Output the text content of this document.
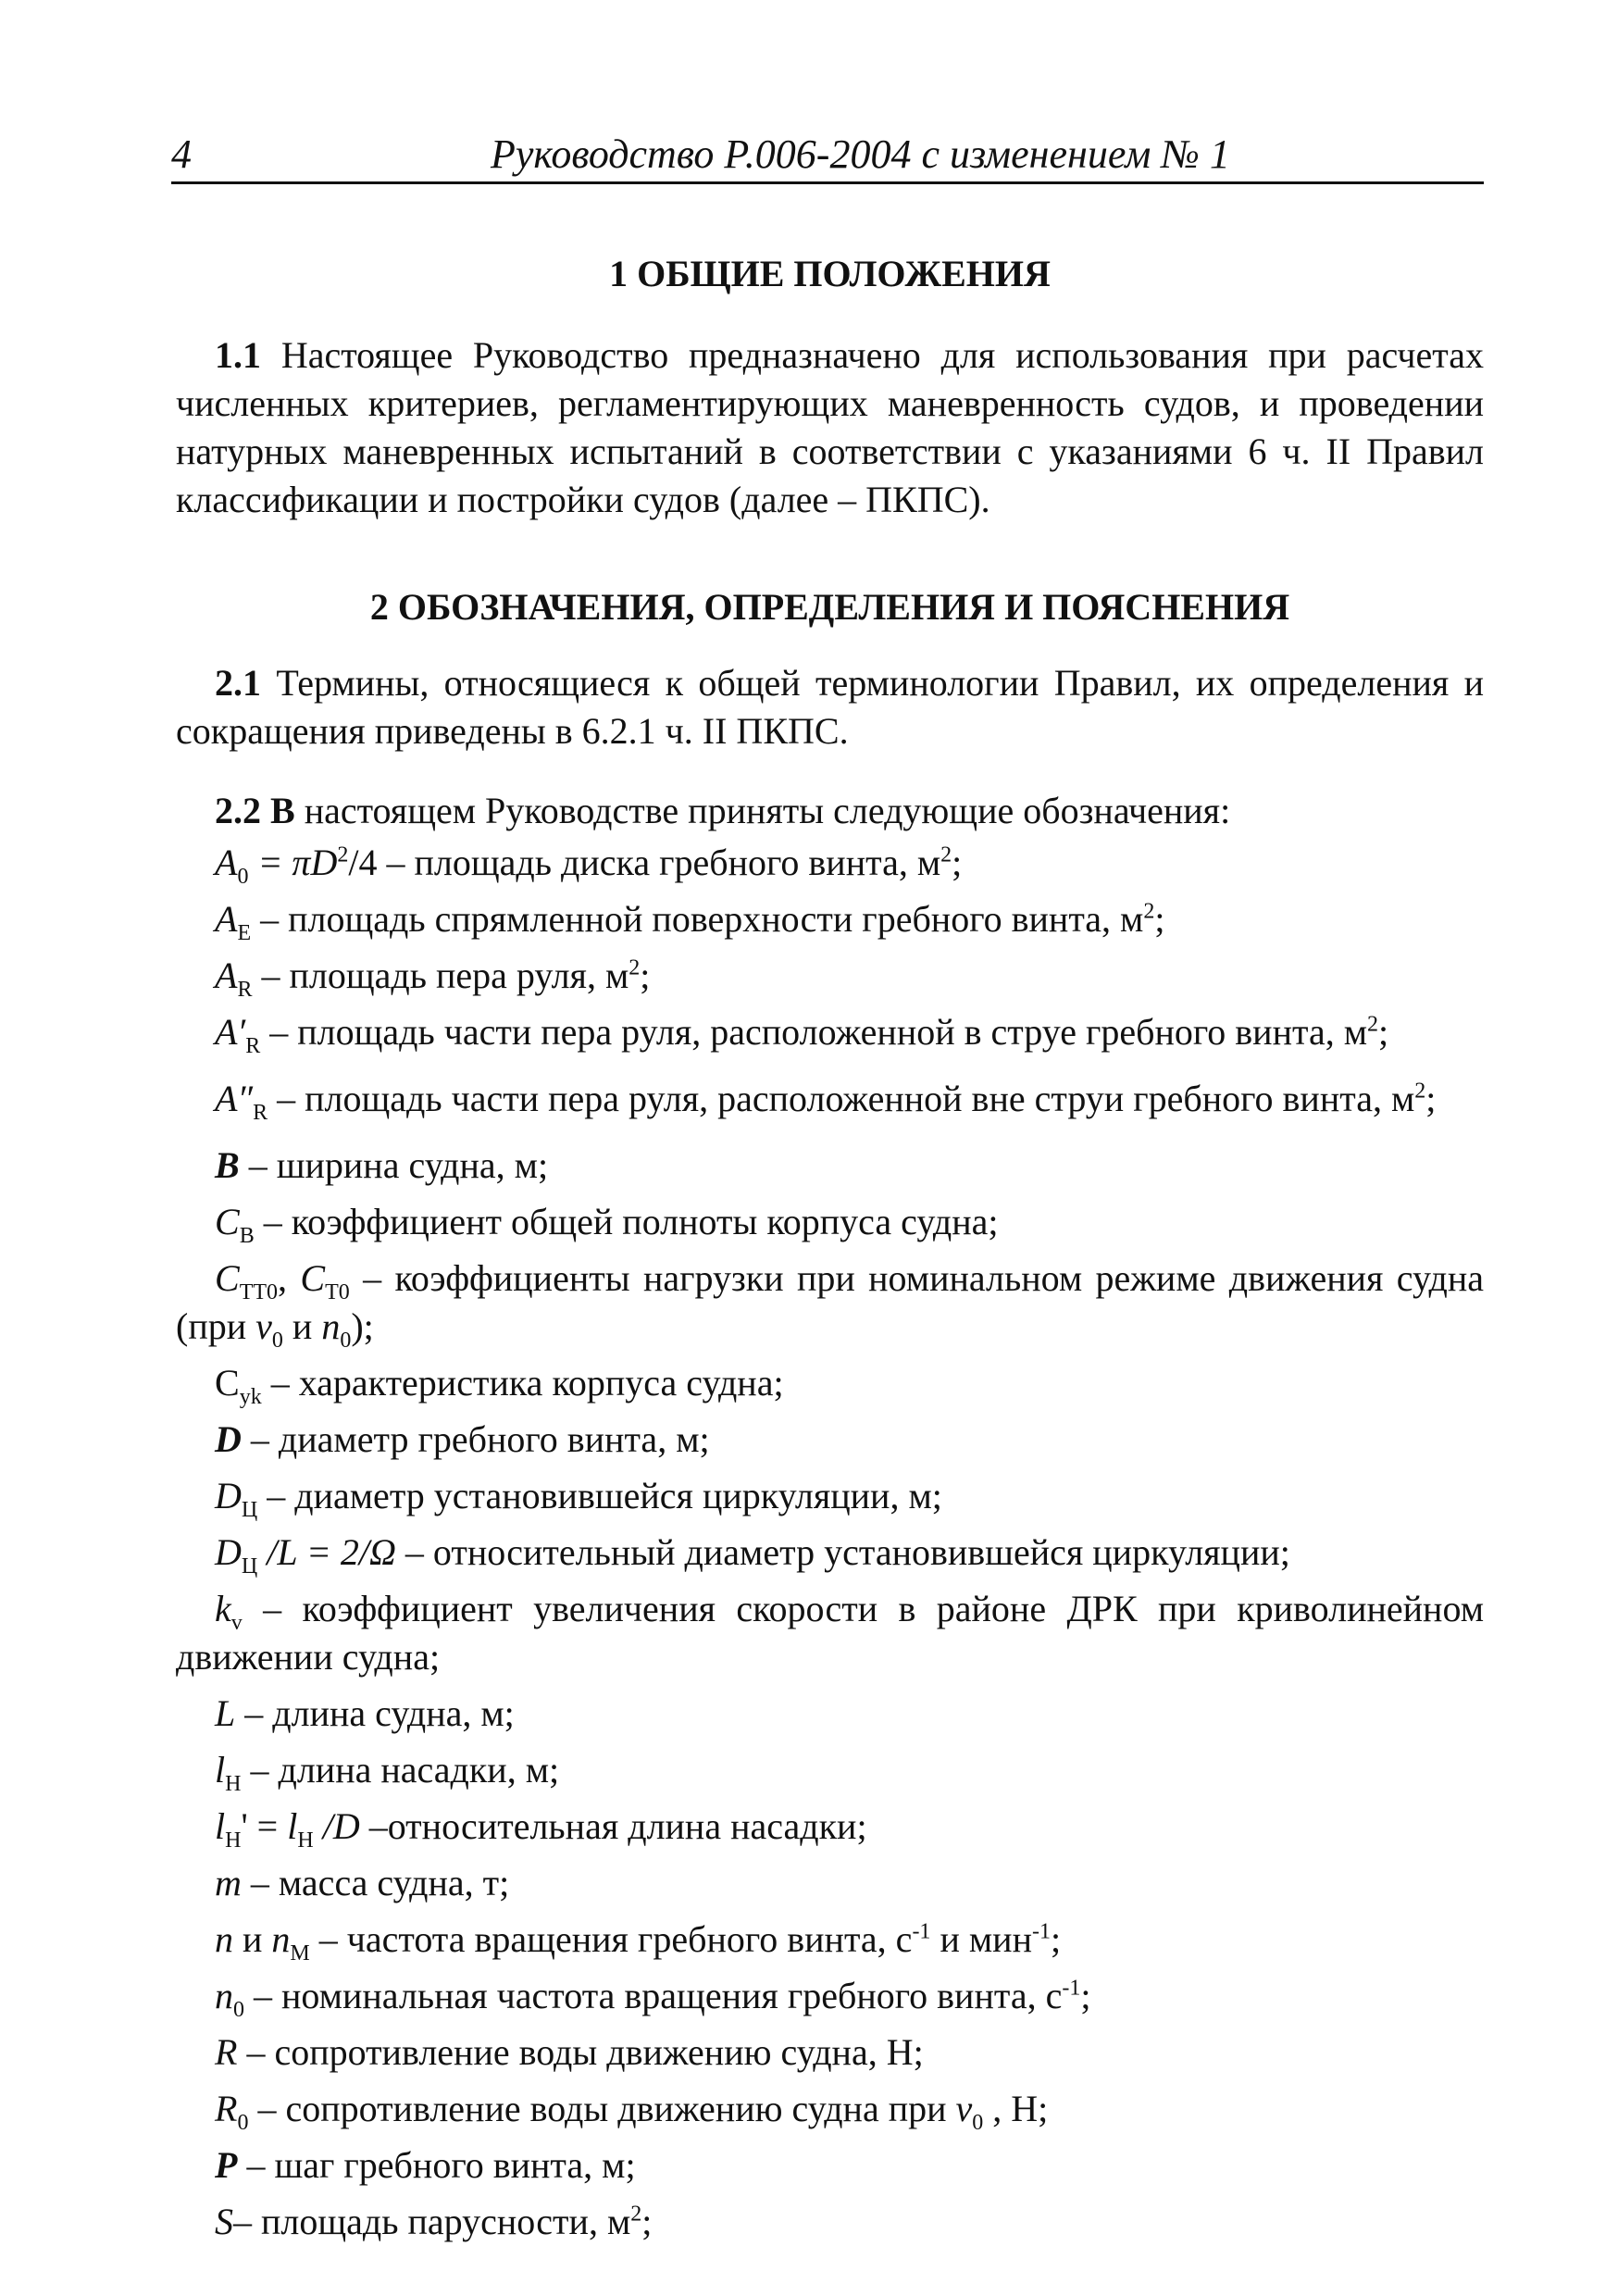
4	Руководство Р.006-2004 с изменением № 1
1 ОБЩИЕ ПОЛОЖЕНИЯ

1.1 Настоящее Руководство предназначено для использования при расчетах численных критериев, регламентирующих маневренность судов, и проведении натурных маневренных испытаний в соответствии с указаниями 6 ч. II Правил классификации и постройки судов (далее – ПКПС).

2 ОБОЗНАЧЕНИЯ, ОПРЕДЕЛЕНИЯ И ПОЯСНЕНИЯ

2.1 Термины, относящиеся к общей терминологии Правил, их определения и сокращения приведены в 6.2.1 ч. II ПКПС.

2.2 В настоящем Руководстве приняты следующие обозначения:

$A_0 = \pi D^2/4$ – площадь диска гребного винта, $м^2$;

$A_E$ – площадь спрямленной поверхности гребного винта, $м^2$;

$A_R$ – площадь пера руля, $м^2$;

$A'_R$ – площадь части пера руля, расположенной в струе гребного винта, $м^2$;

$A''_R$ – площадь части пера руля, расположенной вне струи гребного винта, $м^2$;

B – ширина судна, м;

$C_B$ – коэффициент общей полноты корпуса судна;

$C_{TT0}$, $C_{T0}$ – коэффициенты нагрузки при номинальном режиме движения судна (при $v_0$ и $n_0$);

$C_{yk}$ – характеристика корпуса судна;

D – диаметр гребного винта, м;

$D_Ц$ – диаметр установившейся циркуляции, м;

$D_Ц$ /L = 2/Ω – относительный диаметр установившейся циркуляции;

$k_v$ – коэффициент увеличения скорости в районе ДРК при криволинейном движении судна;

L – длина судна, м;

$l_H$ – длина насадки, м;

$l_H' = l_H$ /D –относительная длина насадки;

m – масса судна, т;

n и $n_M$ – частота вращения гребного винта, $с^{-1}$ и мин$^{-1}$;

$n_0$ – номинальная частота вращения гребного винта, $с^{-1}$;

R – сопротивление воды движению судна, Н;

$R_0$ – сопротивление воды движению судна при $v_0$ , Н;

P – шаг гребного винта, м;

S– площадь парусности, $м^2$;
